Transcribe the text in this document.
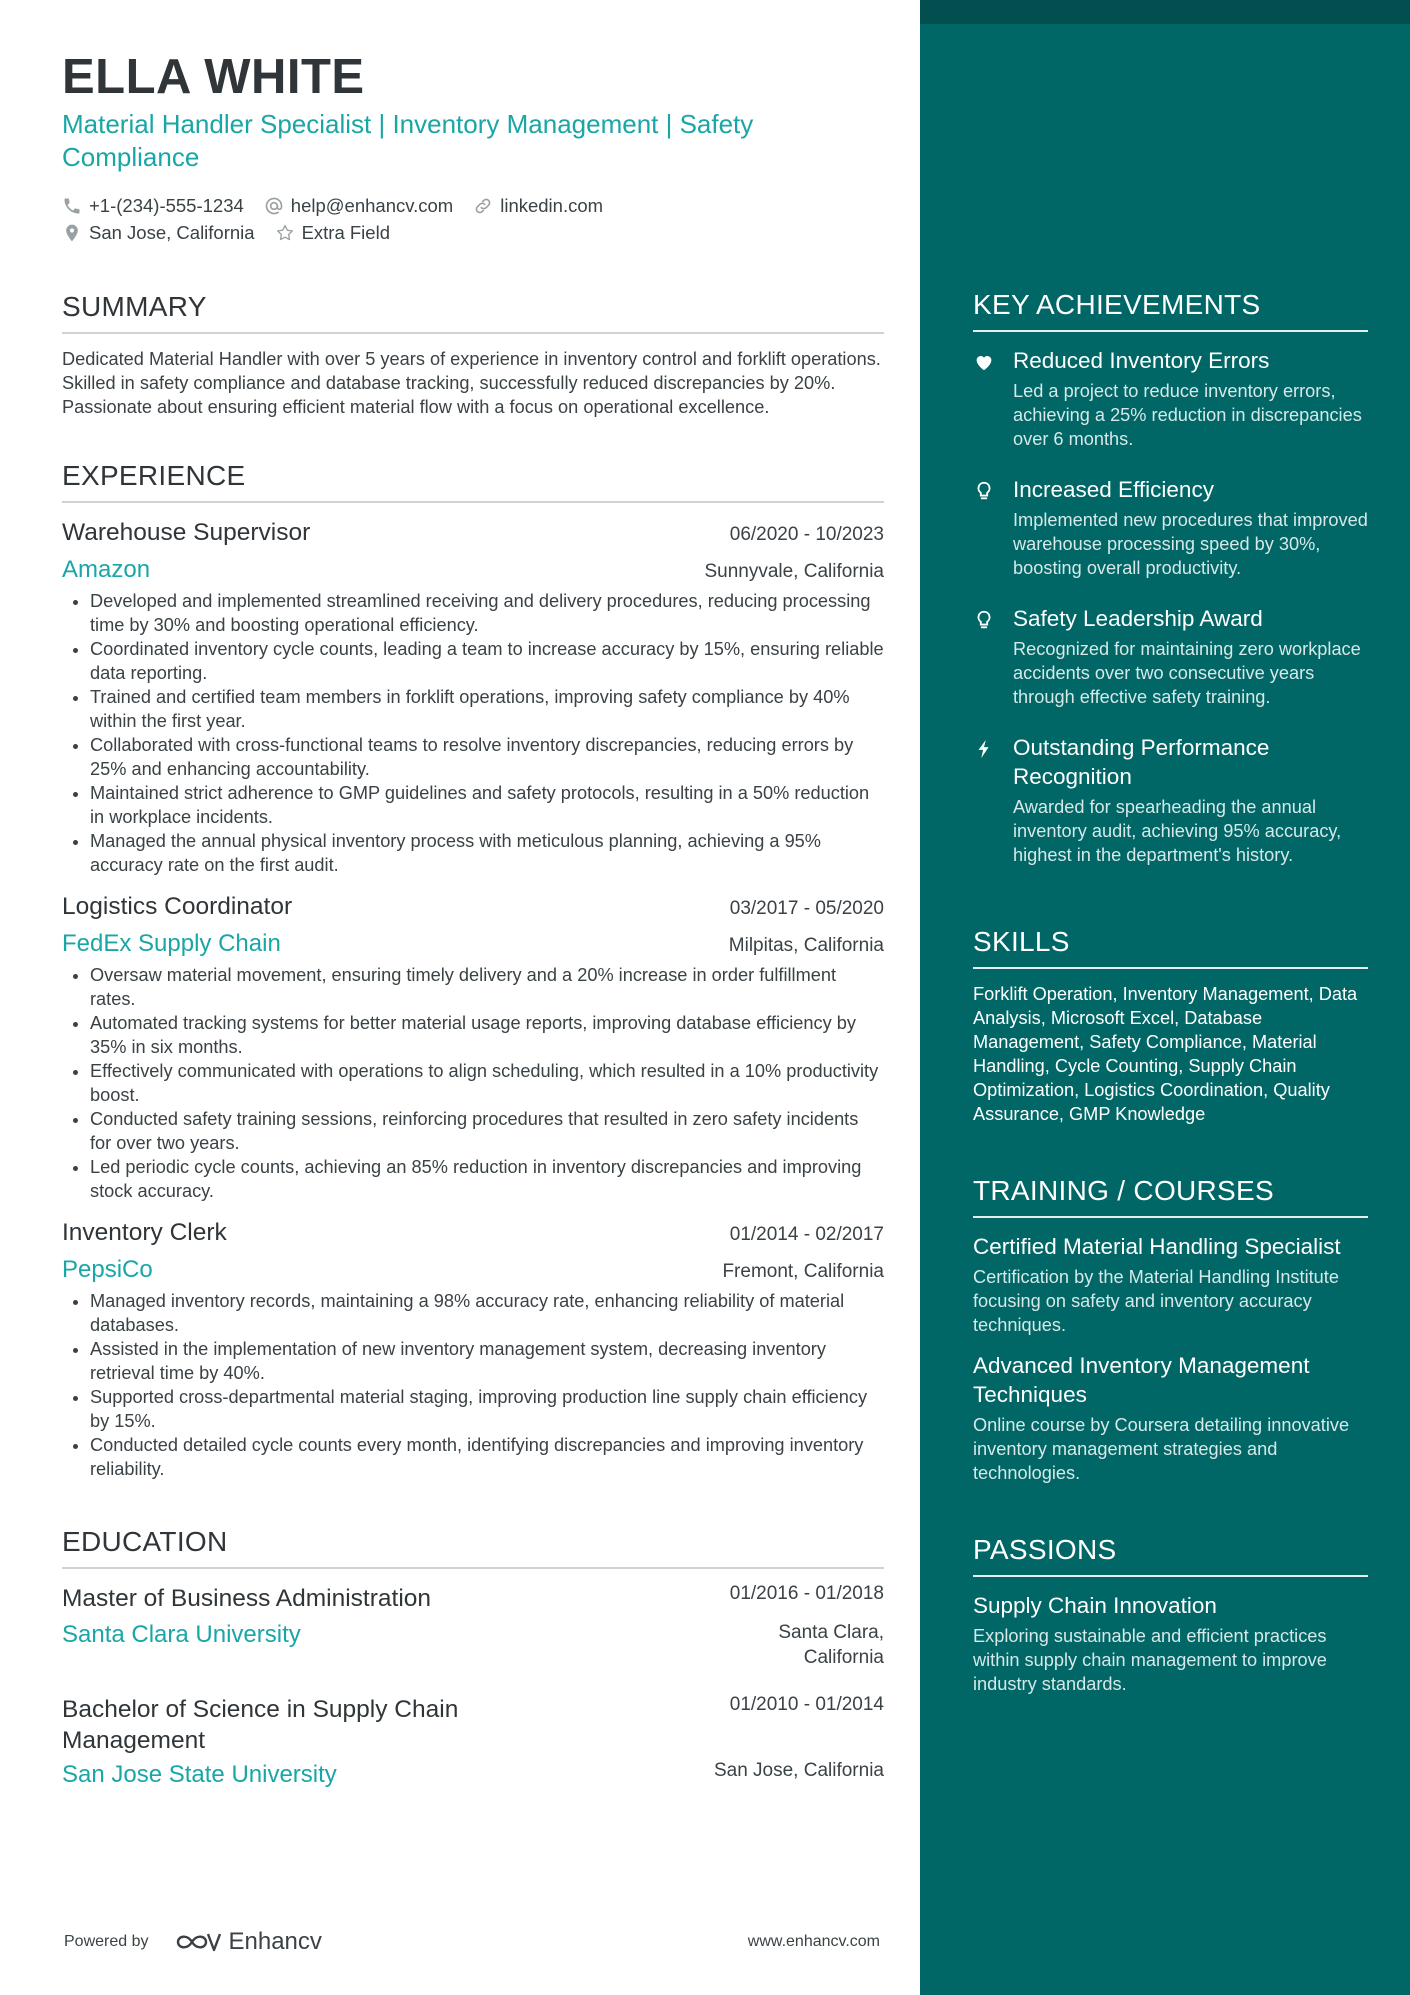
ELLA WHITE
Material Handler Specialist | Inventory Management | Safety Compliance
+1-(234)-555-1234	help@enhancv.com	linkedin.com
San Jose, California	Extra Field
SUMMARY
Dedicated Material Handler with over 5 years of experience in inventory control and forklift operations. Skilled in safety compliance and database tracking, successfully reduced discrepancies by 20%. Passionate about ensuring efficient material flow with a focus on operational excellence.
EXPERIENCE
Warehouse Supervisor	06/2020 - 10/2023
Amazon	Sunnyvale, California
• Developed and implemented streamlined receiving and delivery procedures, reducing processing time by 30% and boosting operational efficiency.
• Coordinated inventory cycle counts, leading a team to increase accuracy by 15%, ensuring reliable data reporting.
• Trained and certified team members in forklift operations, improving safety compliance by 40% within the first year.
• Collaborated with cross-functional teams to resolve inventory discrepancies, reducing errors by 25% and enhancing accountability.
• Maintained strict adherence to GMP guidelines and safety protocols, resulting in a 50% reduction in workplace incidents.
• Managed the annual physical inventory process with meticulous planning, achieving a 95% accuracy rate on the first audit.
Logistics Coordinator	03/2017 - 05/2020
FedEx Supply Chain	Milpitas, California
• Oversaw material movement, ensuring timely delivery and a 20% increase in order fulfillment rates.
• Automated tracking systems for better material usage reports, improving database efficiency by 35% in six months.
• Effectively communicated with operations to align scheduling, which resulted in a 10% productivity boost.
• Conducted safety training sessions, reinforcing procedures that resulted in zero safety incidents for over two years.
• Led periodic cycle counts, achieving an 85% reduction in inventory discrepancies and improving stock accuracy.
Inventory Clerk	01/2014 - 02/2017
PepsiCo	Fremont, California
• Managed inventory records, maintaining a 98% accuracy rate, enhancing reliability of material databases.
• Assisted in the implementation of new inventory management system, decreasing inventory retrieval time by 40%.
• Supported cross-departmental material staging, improving production line supply chain efficiency by 15%.
• Conducted detailed cycle counts every month, identifying discrepancies and improving inventory reliability.
EDUCATION
Master of Business Administration	01/2016 - 01/2018
Santa Clara University	Santa Clara, California
Bachelor of Science in Supply Chain Management
01/2010 - 01/2014
San Jose State University	San Jose, California
Powered by	Enhancv	www.enhancv.com
KEY ACHIEVEMENTS
Reduced Inventory Errors
Led a project to reduce inventory errors, achieving a 25% reduction in discrepancies over 6 months.
Increased Efficiency
Implemented new procedures that improved warehouse processing speed by 30%, boosting overall productivity.
Safety Leadership Award
Recognized for maintaining zero workplace accidents over two consecutive years through effective safety training.
Outstanding Performance Recognition
Awarded for spearheading the annual inventory audit, achieving 95% accuracy, highest in the department's history.
SKILLS
Forklift Operation, Inventory Management, Data Analysis, Microsoft Excel, Database Management, Safety Compliance, Material Handling, Cycle Counting, Supply Chain Optimization, Logistics Coordination, Quality Assurance, GMP Knowledge
TRAINING / COURSES
Certified Material Handling Specialist
Certification by the Material Handling Institute focusing on safety and inventory accuracy techniques.
Advanced Inventory Management Techniques
Online course by Coursera detailing innovative inventory management strategies and technologies.
PASSIONS
Supply Chain Innovation
Exploring sustainable and efficient practices within supply chain management to improve industry standards.
